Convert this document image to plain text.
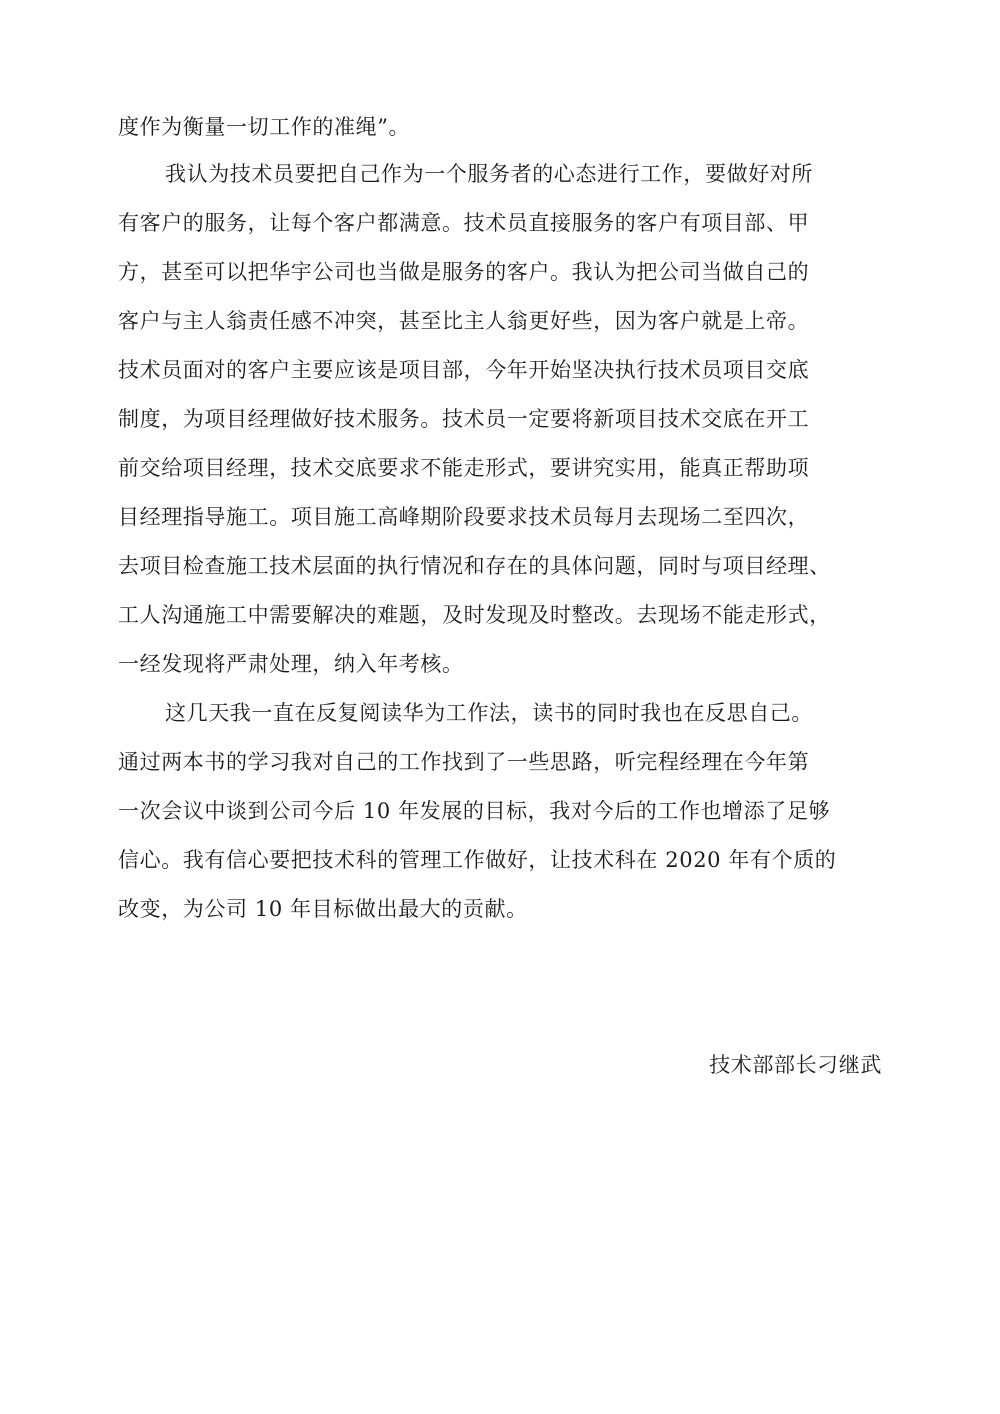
度作为衡量一切工作的准绳”。

我认为技术员要把自己作为一个服务者的心态进行工作，要做好对所

有客户的服务，让每个客户都满意。技术员直接服务的客户有项目部、甲

方，甚至可以把华宇公司也当做是服务的客户。我认为把公司当做自己的

客户与主人翁责任感不冲突，甚至比主人翁更好些，因为客户就是上帝。

技术员面对的客户主要应该是项目部，今年开始坚决执行技术员项目交底

制度，为项目经理做好技术服务。技术员一定要将新项目技术交底在开工

前交给项目经理，技术交底要求不能走形式，要讲究实用，能真正帮助项

目经理指导施工。项目施工高峰期阶段要求技术员每月去现场二至四次，

去项目检查施工技术层面的执行情况和存在的具体问题，同时与项目经理、

工人沟通施工中需要解决的难题，及时发现及时整改。去现场不能走形式，

一经发现将严肃处理，纳入年考核。

这几天我一直在反复阅读华为工作法，读书的同时我也在反思自己。

通过两本书的学习我对自己的工作找到了一些思路，听完程经理在今年第

一次会议中谈到公司今后 10 年发展的目标，我对今后的工作也增添了足够

信心。我有信心要把技术科的管理工作做好，让技术科在 2020 年有个质的

改变，为公司 10 年目标做出最大的贡献。

技术部部长刁继武
